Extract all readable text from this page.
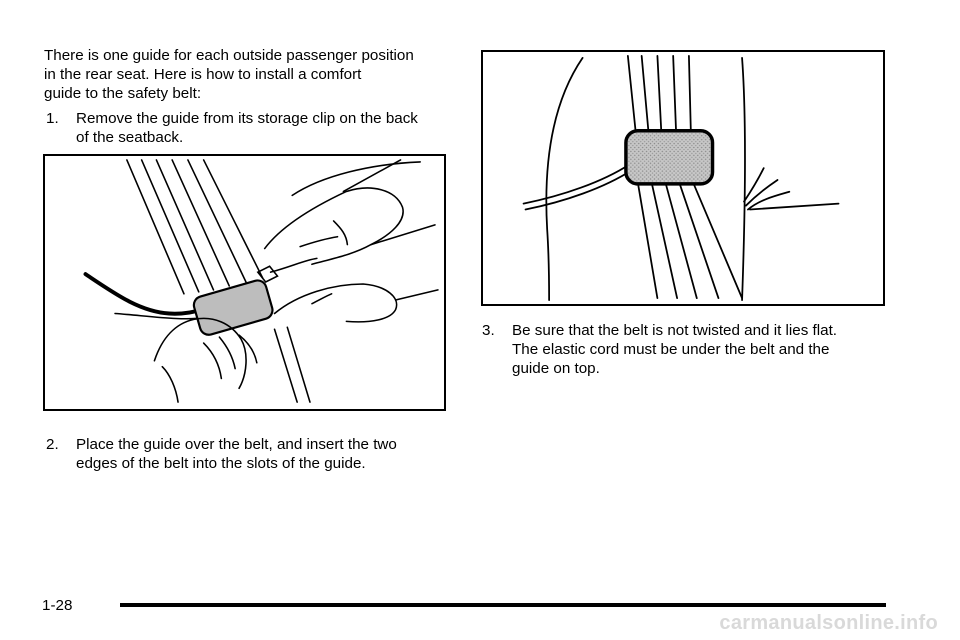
There is one guide for each outside passenger position
in the rear seat. Here is how to install a comfort
guide to the safety belt:

1.	Remove the guide from its storage clip on the back
of the seatback.
2.	Place the guide over the belt, and insert the two
edges of the belt into the slots of the guide.
3.	Be sure that the belt is not twisted and it lies flat.
The elastic cord must be under the belt and the
guide on top.
1-28
carmanualsonline.info
